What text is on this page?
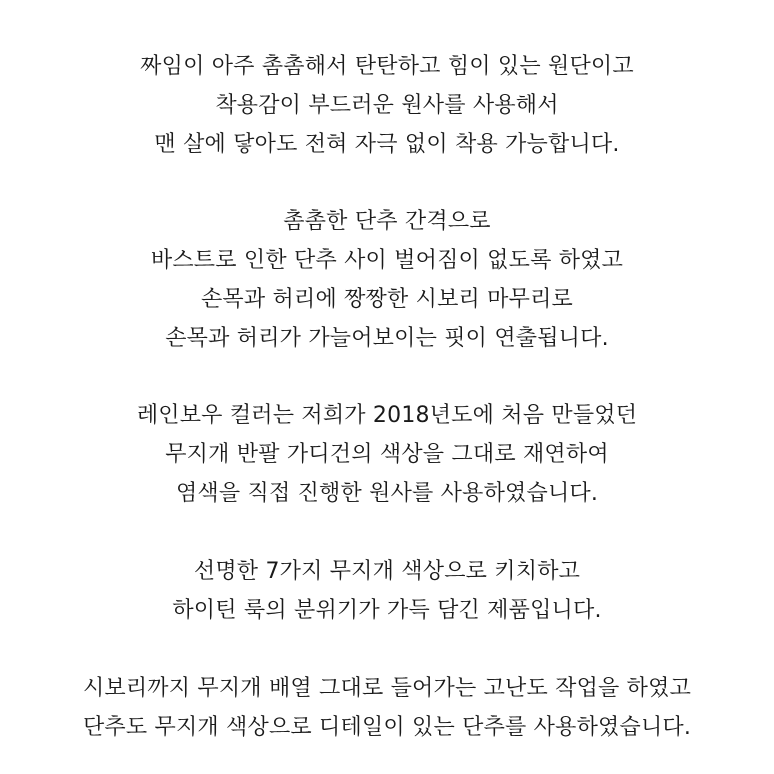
짜임이 아주 촘촘해서 탄탄하고 힘이 있는 원단이고
착용감이 부드러운 원사를 사용해서
맨 살에 닿아도 전혀 자극 없이 착용 가능합니다.
촘촘한 단추 간격으로
바스트로 인한 단추 사이 벌어짐이 없도록 하였고
손목과 허리에 짱짱한 시보리 마무리로
손목과 허리가 가늘어보이는 핏이 연출됩니다.
레인보우 컬러는 저희가 2018년도에 처음 만들었던
무지개 반팔 가디건의 색상을 그대로 재연하여
염색을 직접 진행한 원사를 사용하였습니다.
선명한 7가지 무지개 색상으로 키치하고
하이틴 룩의 분위기가 가득 담긴 제품입니다.
시보리까지 무지개 배열 그대로 들어가는 고난도 작업을 하였고
단추도 무지개 색상으로 디테일이 있는 단추를 사용하였습니다.
